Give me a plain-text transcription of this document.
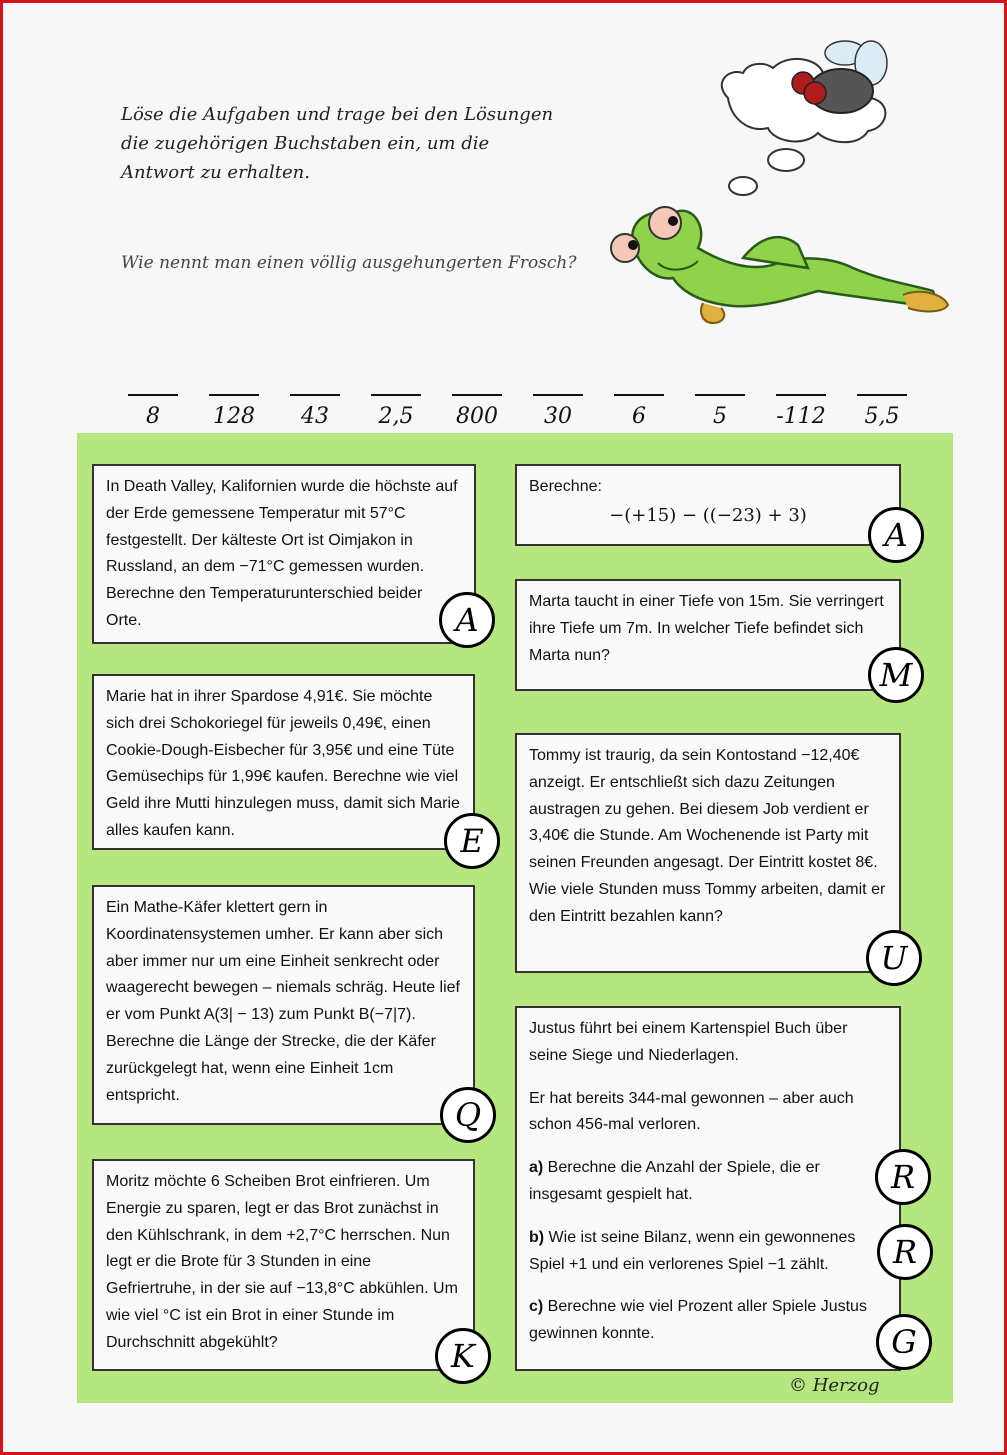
Löse die Aufgaben und trage bei den Lösungen die zugehörigen Buchstaben ein, um die Antwort zu erhalten.
Wie nennt man einen völlig ausgehungerten Frosch?
8	128	43	2,5	800	30	6	5	-112	5,5

In Death Valley, Kalifornien wurde die höchste auf der Erde gemessene Temperatur mit 57°C festgestellt. Der kälteste Ort ist Oimjakon in Russland, an dem −71°C gemessen wurden. Berechne den Temperaturunterschied beider Orte.	A

Marie hat in ihrer Spardose 4,91€. Sie möchte sich drei Schokoriegel für jeweils 0,49€, einen Cookie-Dough-Eisbecher für 3,95€ und eine Tüte Gemüsechips für 1,99€ kaufen. Berechne wie viel Geld ihre Mutti hinzulegen muss, damit sich Marie alles kaufen kann.	E

Ein Mathe-Käfer klettert gern in Koordinatensystemen umher. Er kann aber sich aber immer nur um eine Einheit senkrecht oder waagerecht bewegen – niemals schräg. Heute lief er vom Punkt A(3| − 13) zum Punkt B(−7|7). Berechne die Länge der Strecke, die der Käfer zurückgelegt hat, wenn eine Einheit 1cm entspricht.

Q

Moritz möchte 6 Scheiben Brot einfrieren. Um Energie zu sparen, legt er das Brot zunächst in den Kühlschrank, in dem +2,7°C herrschen. Nun legt er die Brote für 3 Stunden in eine Gefriertruhe, in der sie auf −13,8°C abkühlen. Um wie viel °C ist ein Brot in einer Stunde im Durchschnitt abgekühlt?	K
Berechne:
−(+15) − ((−23) + 3)
A

Marta taucht in einer Tiefe von 15m. Sie verringert ihre Tiefe um 7m. In welcher Tiefe befindet sich Marta nun?

M

Tommy ist traurig, da sein Kontostand −12,40€ anzeigt. Er entschließt sich dazu Zeitungen austragen zu gehen. Bei diesem Job verdient er 3,40€ die Stunde. Am Wochenende ist Party mit seinen Freunden angesagt. Der Eintritt kostet 8€. Wie viele Stunden muss Tommy arbeiten, damit er den Eintritt bezahlen kann?

U

Justus führt bei einem Kartenspiel Buch über seine Siege und Niederlagen.

Er hat bereits 344-mal gewonnen – aber auch schon 456-mal verloren.

a) Berechne die Anzahl der Spiele, die er insgesamt gespielt hat.

b) Wie ist seine Bilanz, wenn ein gewonnenes Spiel +1 und ein verlorenes Spiel −1 zählt.

c) Berechne wie viel Prozent aller Spiele Justus gewinnen konnte.

R
R
G
© Herzog
